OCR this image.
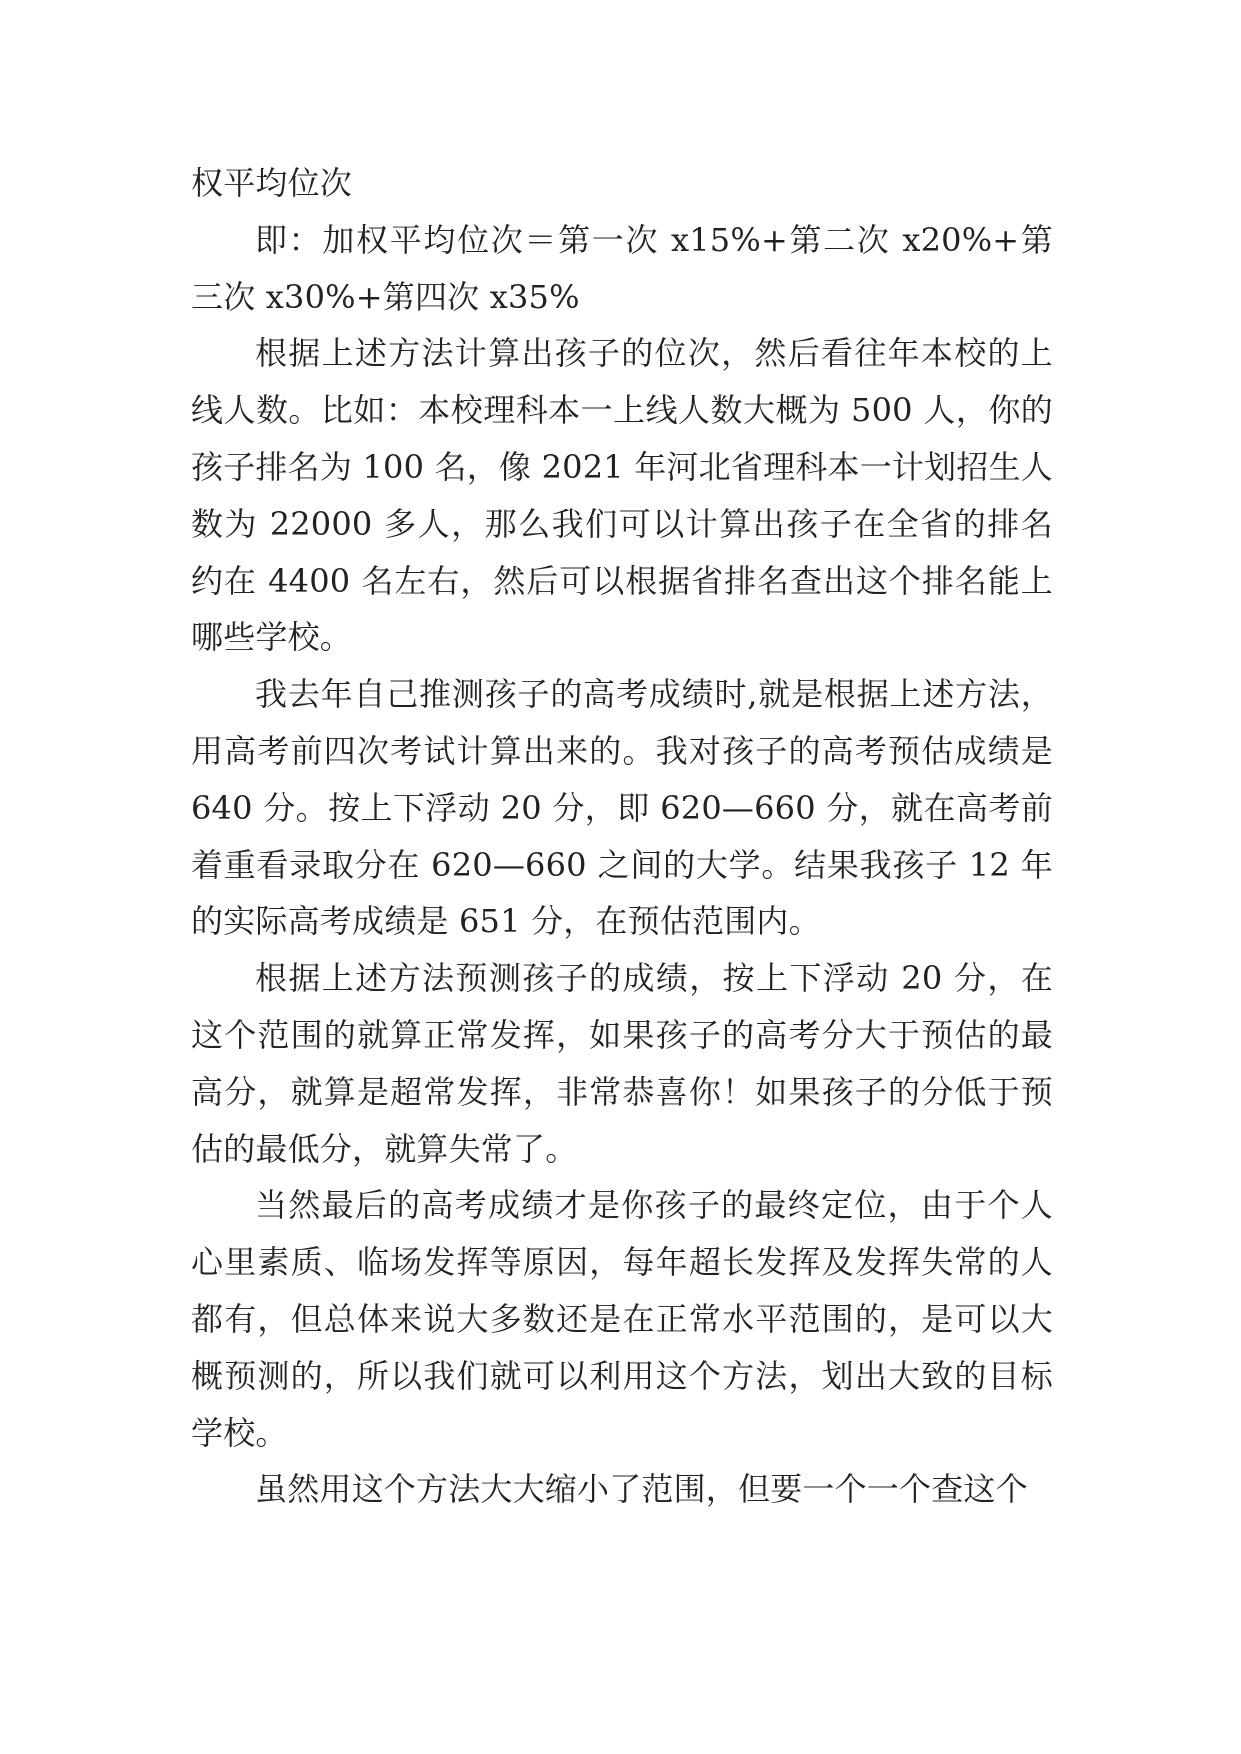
权平均位次

即：加权平均位次＝第一次 x15%+第二次 x20%+第三次 x30%+第四次 x35%

根据上述方法计算出孩子的位次，然后看往年本校的上线人数。比如：本校理科本一上线人数大概为 500 人，你的孩子排名为 100 名，像 2021 年河北省理科本一计划招生人数为 22000 多人，那么我们可以计算出孩子在全省的排名约在 4400 名左右，然后可以根据省排名查出这个排名能上哪些学校。

我去年自己推测孩子的高考成绩时,就是根据上述方法，用高考前四次考试计算出来的。我对孩子的高考预估成绩是 640 分。按上下浮动 20 分，即 620—660 分，就在高考前着重看录取分在 620—660 之间的大学。结果我孩子 12 年的实际高考成绩是 651 分，在预估范围内。

根据上述方法预测孩子的成绩，按上下浮动 20 分，在这个范围的就算正常发挥，如果孩子的高考分大于预估的最高分，就算是超常发挥，非常恭喜你！如果孩子的分低于预估的最低分，就算失常了。

当然最后的高考成绩才是你孩子的最终定位，由于个人心里素质、临场发挥等原因，每年超长发挥及发挥失常的人都有，但总体来说大多数还是在正常水平范围的，是可以大概预测的，所以我们就可以利用这个方法，划出大致的目标学校。

虽然用这个方法大大缩小了范围，但要一个一个查这个
